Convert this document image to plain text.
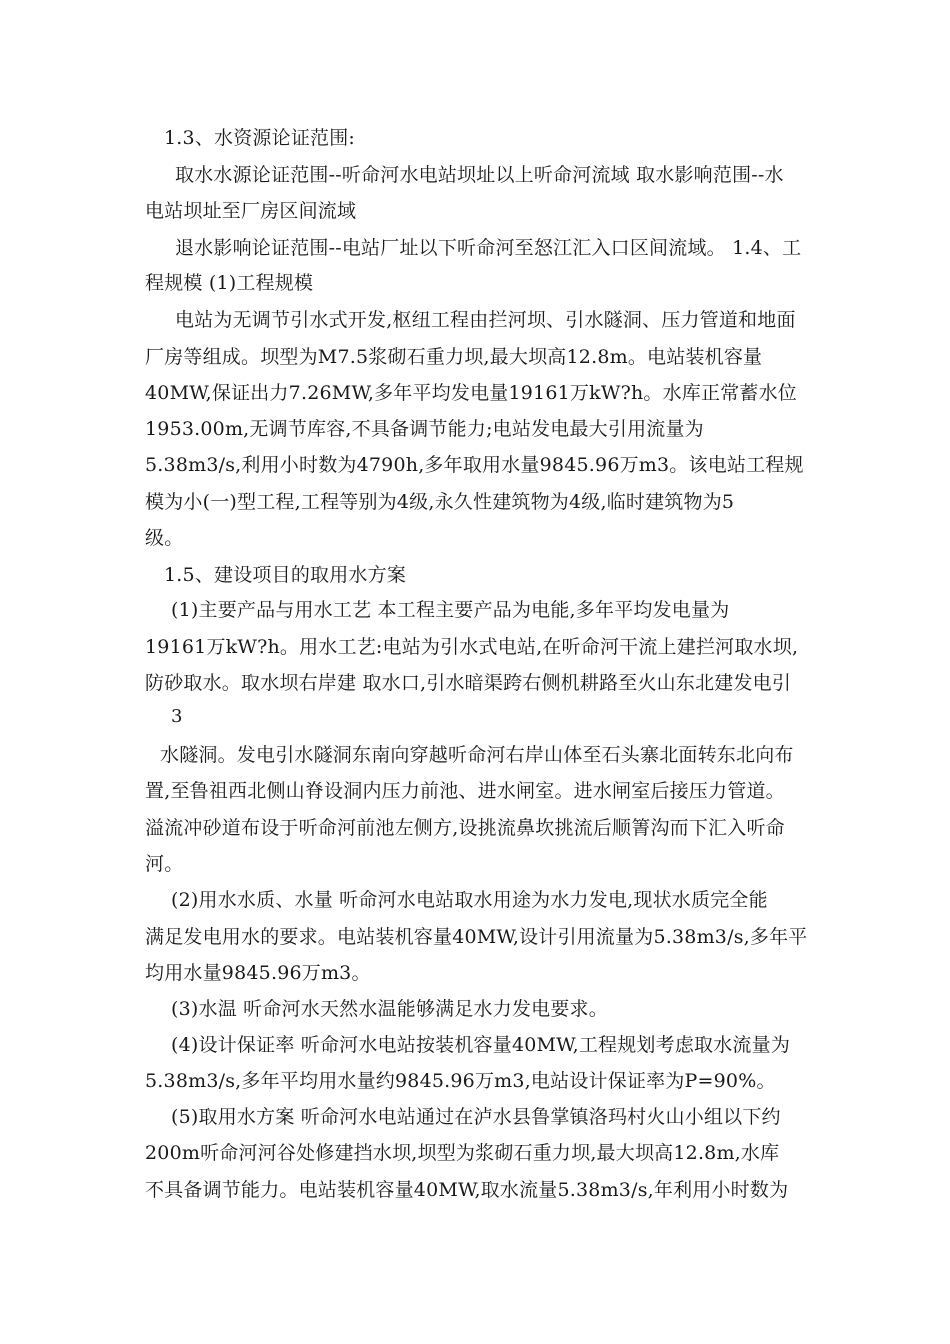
1.3、水资源论证范围:
取水水源论证范围--听命河水电站坝址以上听命河流域 取水影响范围--水
电站坝址至厂房区间流域
退水影响论证范围--电站厂址以下听命河至怒江汇入口区间流域。 1.4、工
程规模 (1)工程规模
电站为无调节引水式开发,枢纽工程由拦河坝、引水隧洞、压力管道和地面
厂房等组成。坝型为M7.5浆砌石重力坝,最大坝高12.8m。电站装机容量
40MW,保证出力7.26MW,多年平均发电量19161万kW?h。水库正常蓄水位
1953.00m,无调节库容,不具备调节能力;电站发电最大引用流量为
5.38m3/s,利用小时数为4790h,多年取用水量9845.96万m3。该电站工程规
模为小(一)型工程,工程等别为4级,永久性建筑物为4级,临时建筑物为5
级。
1.5、建设项目的取用水方案
(1)主要产品与用水工艺 本工程主要产品为电能,多年平均发电量为
19161万kW?h。用水工艺:电站为引水式电站,在听命河干流上建拦河取水坝,
防砂取水。取水坝右岸建 取水口,引水暗渠跨右侧机耕路至火山东北建发电引
3
水隧洞。发电引水隧洞东南向穿越听命河右岸山体至石头寨北面转东北向布
置,至鲁祖西北侧山脊设洞内压力前池、进水闸室。进水闸室后接压力管道。
溢流冲砂道布设于听命河前池左侧方,设挑流鼻坎挑流后顺箐沟而下汇入听命
河。
(2)用水水质、水量 听命河水电站取水用途为水力发电,现状水质完全能
满足发电用水的要求。电站装机容量40MW,设计引用流量为5.38m3/s,多年平
均用水量9845.96万m3。
(3)水温 听命河水天然水温能够满足水力发电要求。
(4)设计保证率 听命河水电站按装机容量40MW,工程规划考虑取水流量为
5.38m3/s,多年平均用水量约9845.96万m3,电站设计保证率为P=90%。
(5)取用水方案 听命河水电站通过在泸水县鲁掌镇洛玛村火山小组以下约
200m听命河河谷处修建挡水坝,坝型为浆砌石重力坝,最大坝高12.8m,水库
不具备调节能力。电站装机容量40MW,取水流量5.38m3/s,年利用小时数为
